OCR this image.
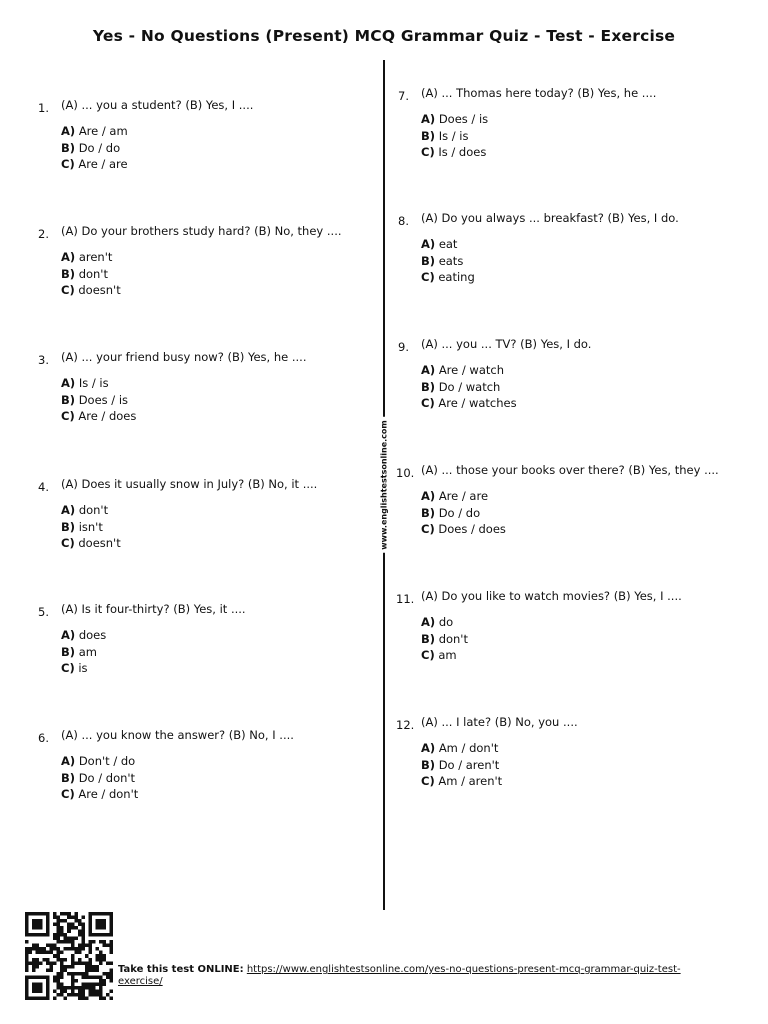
Yes - No Questions (Present) MCQ Grammar Quiz - Test - Exercise
www.englishtestsonline.com
1. (A) ... you a student? (B) Yes, I ....
A) Are / am
B) Do / do
C) Are / are
2. (A) Do your brothers study hard? (B) No, they ....
A) aren't
B) don't
C) doesn't
3. (A) ... your friend busy now? (B) Yes, he ....
A) Is / is
B) Does / is
C) Are / does
4. (A) Does it usually snow in July? (B) No, it ....
A) don't
B) isn't
C) doesn't
5. (A) Is it four-thirty? (B) Yes, it ....
A) does
B) am
C) is
6. (A) ... you know the answer? (B) No, I ....
A) Don't / do
B) Do / don't
C) Are / don't
7. (A) ... Thomas here today? (B) Yes, he ....
A) Does / is
B) Is / is
C) Is / does
8. (A) Do you always ... breakfast? (B) Yes, I do.
A) eat
B) eats
C) eating
9. (A) ... you ... TV? (B) Yes, I do.
A) Are / watch
B) Do / watch
C) Are / watches
10. (A) ... those your books over there? (B) Yes, they ....
A) Are / are
B) Do / do
C) Does / does
11. (A) Do you like to watch movies? (B) Yes, I ....
A) do
B) don't
C) am
12. (A) ... I late? (B) No, you ....
A) Am / don't
B) Do / aren't
C) Am / aren't
Take this test ONLINE: https://www.englishtestsonline.com/yes-no-questions-present-mcq-grammar-quiz-test-exercise/
